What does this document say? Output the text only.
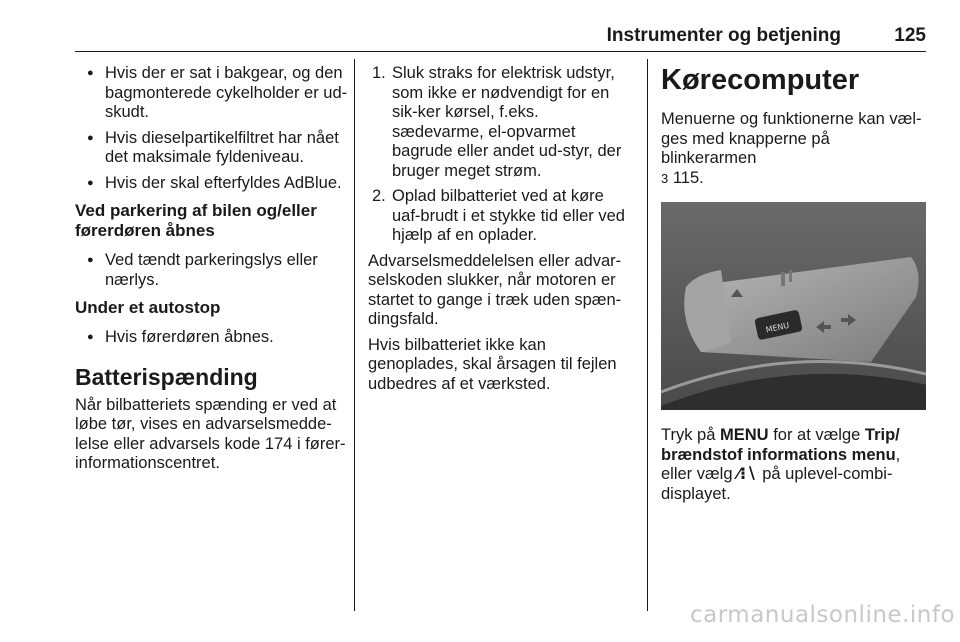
Instrumenter og betjening	125
● Hvis der er sat i bakgear, og den bagmonterede cykelholder er ud-skudt.
● Hvis dieselpartikelfiltret har nået det maksimale fyldeniveau.
● Hvis der skal efterfyldes AdBlue.
Ved parkering af bilen og/eller førerdøren åbnes
● Ved tændt parkeringslys eller nærlys.
Under et autostop
● Hvis førerdøren åbnes.
Batterispænding

Når bilbatteriets spænding er ved at løbe tør, vises en advarselsmedde-lelse eller advarsels kode 174 i fører-informationscentret.

1. Sluk straks for elektrisk udstyr, som ikke er nødvendigt for en sik-ker kørsel, f.eks. sædevarme, el-opvarmet bagrude eller andet ud-styr, der bruger meget strøm.
2. Oplad bilbatteriet ved at køre uaf-brudt i et stykke tid eller ved hjælp af en oplader.

Advarselsmeddelelsen eller advar-selskoden slukker, når motoren er startet to gange i træk uden spæn-dingsfald.

Hvis bilbatteriet ikke kan genoplades, skal årsagen til fejlen udbedres af et værksted.

Kørecomputer

Menuerne og funktionerne kan væl-ges med knapperne på blinkerarmen
3 115.

MENU

Tryk på MENU for at vælge Trip/ brændstof informations menu, eller vælg ⁄⁝∖ på uplevel-combi-displayet.

carmanualsonline.info
